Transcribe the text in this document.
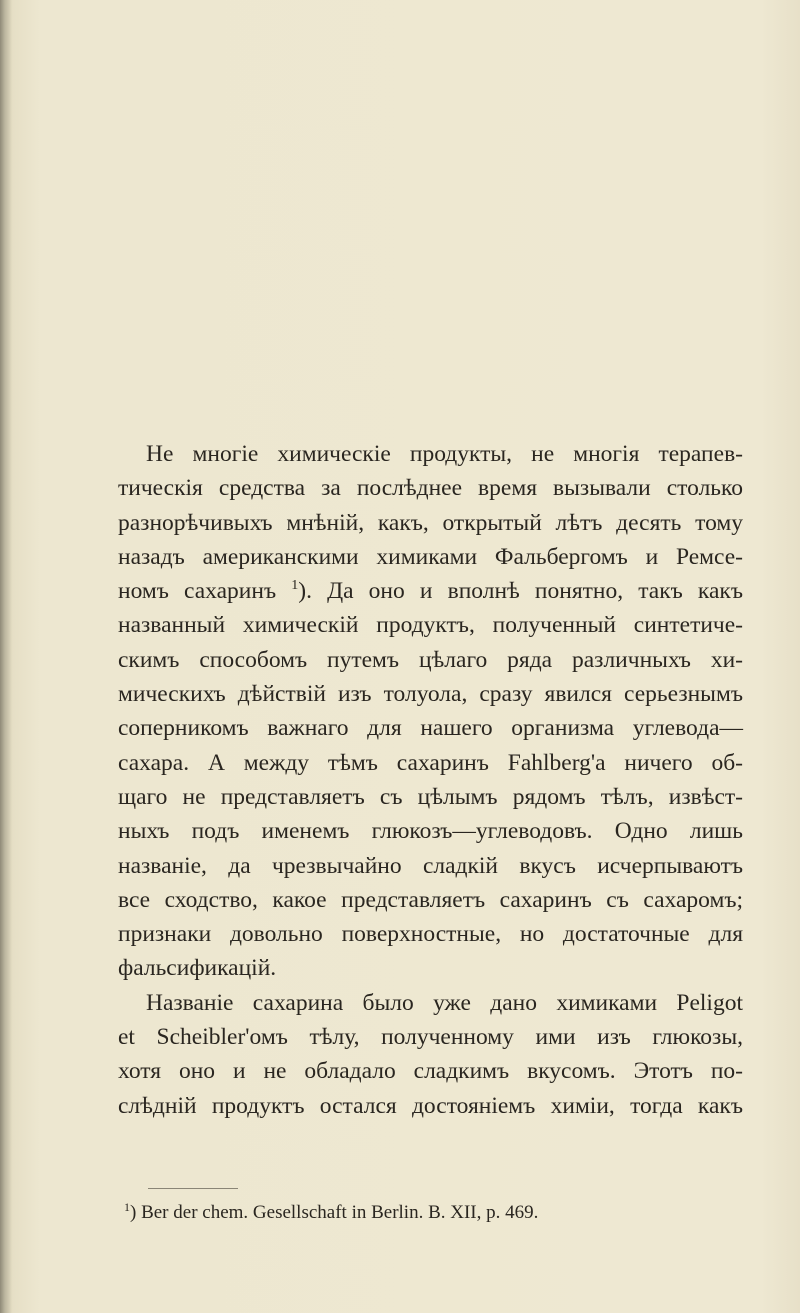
Не многіе химическіе продукты, не многія терапев-
тическія средства за послѣднее время вызывали столько
разнорѣчивыхъ мнѣній, какъ, открытый лѣтъ десять тому
назадъ американскими химиками Фальбергомъ и Ремсе-
номъ сахаринъ $^1$). Да оно и вполнѣ понятно, такъ какъ
названный химическій продуктъ, полученный синтетиче-
скимъ способомъ путемъ цѣлаго ряда различныхъ хи-
мическихъ дѣйствій изъ толуола, сразу явился серьезнымъ
соперникомъ важнаго для нашего организма углевода—
сахара. А между тѣмъ сахаринъ Fahlberg'a ничего об-
щаго не представляетъ съ цѣлымъ рядомъ тѣлъ, извѣст-
ныхъ подъ именемъ глюкозъ—углеводовъ. Одно лишь
названіе, да чрезвычайно сладкій вкусъ исчерпываютъ
все сходство, какое представляетъ сахаринъ съ сахаромъ;
признаки довольно поверхностные, но достаточные для
фальсификацій.
Названіе сахарина было уже дано химиками Peligot
et Scheibler'омъ тѣлу, полученному ими изъ глюкозы,
хотя оно и не обладало сладкимъ вкусомъ. Этотъ по-
слѣдній продуктъ остался достояніемъ химіи, тогда какъ
$^1$) Ber der chem. Gesellschaft in Berlin. B. XII, p. 469.
